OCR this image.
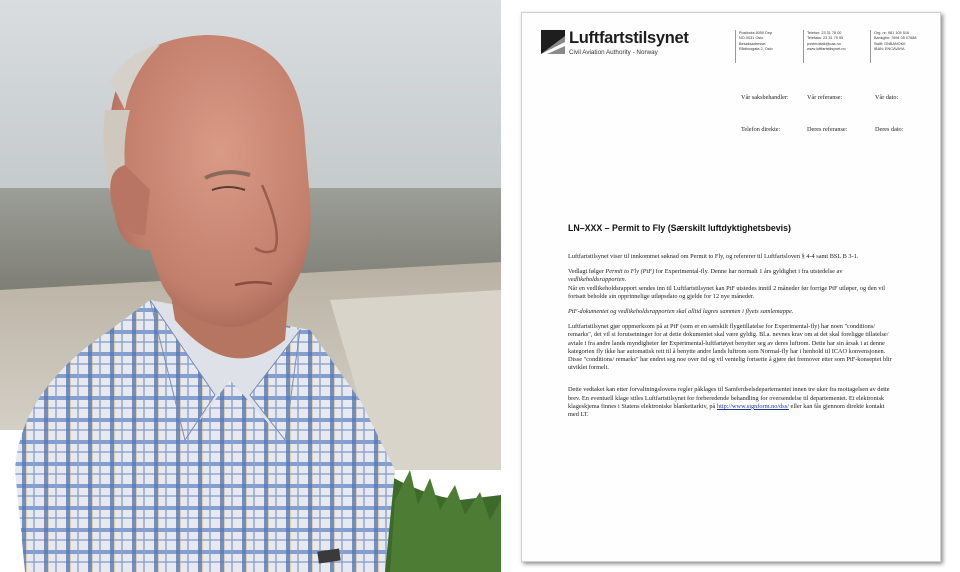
Luftfartstilsynet
Civil Aviation Authority - Norway
Postboks 8050 Dep
NO-0031 Oslo
Besøksadresse:
Rådhusgata 2, Oslo
Telefon: 23 31 78 00
Telefaks: 23 31 79 95
postmottak@caa.no
www.luftfartstilsynet.no
Org. nr: 981 105 516
Bankgiro: 7694 05 07688
Swift: DNBANOKK
IBAN: ENCAVAYA
Vår saksbehandler:	Vår referanse:	Vår dato:
Telefon direkte:	Deres referanse:	Deres dato:
LN–XXX – Permit to Fly (Særskilt luftdyktighetsbevis)

Luftfartstilsynet viser til innkommet søknad om Permit to Fly, og refererer til Luftfartsloven § 4-4 samt BSL B 3-1.

Vedlagt følger Permit to Fly (PtF) for Experimental-fly. Denne har normalt 1 års gyldighet i fra utstedelse av vedlikeholdsrapporten.

Når en vedlikeholdsrapport sendes inn til Luftfartstilsynet kan PtF utstedes inntil 2 måneder før forrige PtF utløper, og den vil fortsatt beholde sin opprinnelige utløpsdato og gjelde for 12 nye måneder.

PtF-dokumentet og vedlikeholdsrapporten skal alltid lagres sammen i flyets samlemappe.

Luftfartstilsynet gjør oppmerksom på at PtF (som er en særskilt flygetillatelse for Experimental-fly) har noen "conditions/ remarks", det vil si forutsetninger for at dette dokumentet skal være gyldig. Bl.a. nevnes krav om at det skal foreligge tillatelse/ avtale i fra andre lands myndigheter før Experimental-luftfartøyet benytter seg av deres luftrom. Dette har sin årsak i at denne kategorien fly ikke har automatisk rett til å benytte andre lands luftrom som Normal-fly har i henhold til ICAO konvensjonen. Disse "conditions/ remarks" har endret seg noe over tid og vil ventelig fortsette å gjøre det fremover etter som PtF-konseptet blir utviklet formelt.

Dette vedtaket kan etter forvaltningslovens regler påklages til Samferdselsdepartementet innen tre uker fra mottagelsen av dette brev. En eventuell klage stiles Luftfartstilsynet for forberedende behandling for oversendelse til departementet. Et elektronisk klageskjema finnes i Statens elektroniske blankettarkiv, på http://www.signform.no/dss/ eller kan fås gjennom direkte kontakt med LT.
